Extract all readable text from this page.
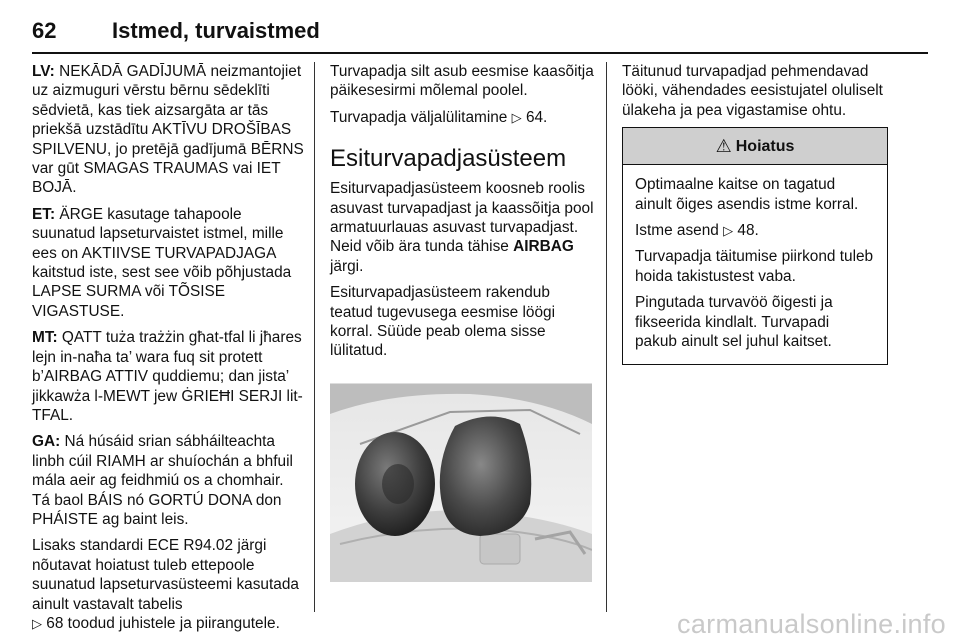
62	Istmed, turvaistmed

LV: NEKĀDĀ GADĪJUMĀ neizmantojiet uz aizmuguri vērstu bērnu sēdeklīti sēdvietā, kas tiek aizsargāta ar tās priekšā uzstādītu AKTĪVU DROŠĪBAS SPILVENU, jo pretējā gadījumā BĒRNS var gūt SMAGAS TRAUMAS vai IET BOJĀ.

ET: ÄRGE kasutage tahapoole suunatud lapseturvaistet istmel, mille ees on AKTIIVSE TURVAPADJAGA kaitstud iste, sest see võib põhjustada LAPSE SURMA või TÕSISE VIGASTUSE.

MT: QATT tuża trażżin għat-tfal li jħares lejn in-naħa ta’ wara fuq sit protett b’AIRBAG ATTIV quddiemu; dan jista’ jikkawża l-MEWT jew ĠRIEĦI SERJI lit-TFAL.

GA: Ná húsáid srian sábháilteachta linbh cúil RIAMH ar shuíochán a bhfuil mála aeir ag feidhmiú os a chomhair. Tá baol BÁIS nó GORTÚ DONA don PHÁISTE ag baint leis.

Lisaks standardi ECE R94.02 järgi nõutavat hoiatust tuleb ettepoole suunatud lapseturvasüsteemi kasutada ainult vastavalt tabelis
▷ 68 toodud juhistele ja piirangutele.

Turvapadja silt asub eesmise kaasõitja päikesesirmi mõlemal poolel.

Turvapadja väljalülitamine ▷ 64.

Esiturvapadjasüsteem

Esiturvapadjasüsteem koosneb roolis asuvast turvapadjast ja kaassõitja pool armatuurlauas asuvast turvapadjast. Neid võib ära tunda tähise AIRBAG järgi.

Esiturvapadjasüsteem rakendub teatud tugevusega eesmise löögi korral. Süüde peab olema sisse lülitatud.

Täitunud turvapadjad pehmendavad lööki, vähendades eesistujatel oluliselt ülakeha ja pea vigastamise ohtu.

⚠ Hoiatus

Optimaalne kaitse on tagatud ainult õiges asendis istme korral.

Istme asend ▷ 48.

Turvapadja täitumise piirkond tuleb hoida takistustest vaba.

Pingutada turvavöö õigesti ja fikseerida kindlalt. Turvapadi pakub ainult sel juhul kaitset.

carmanualsonline.info
